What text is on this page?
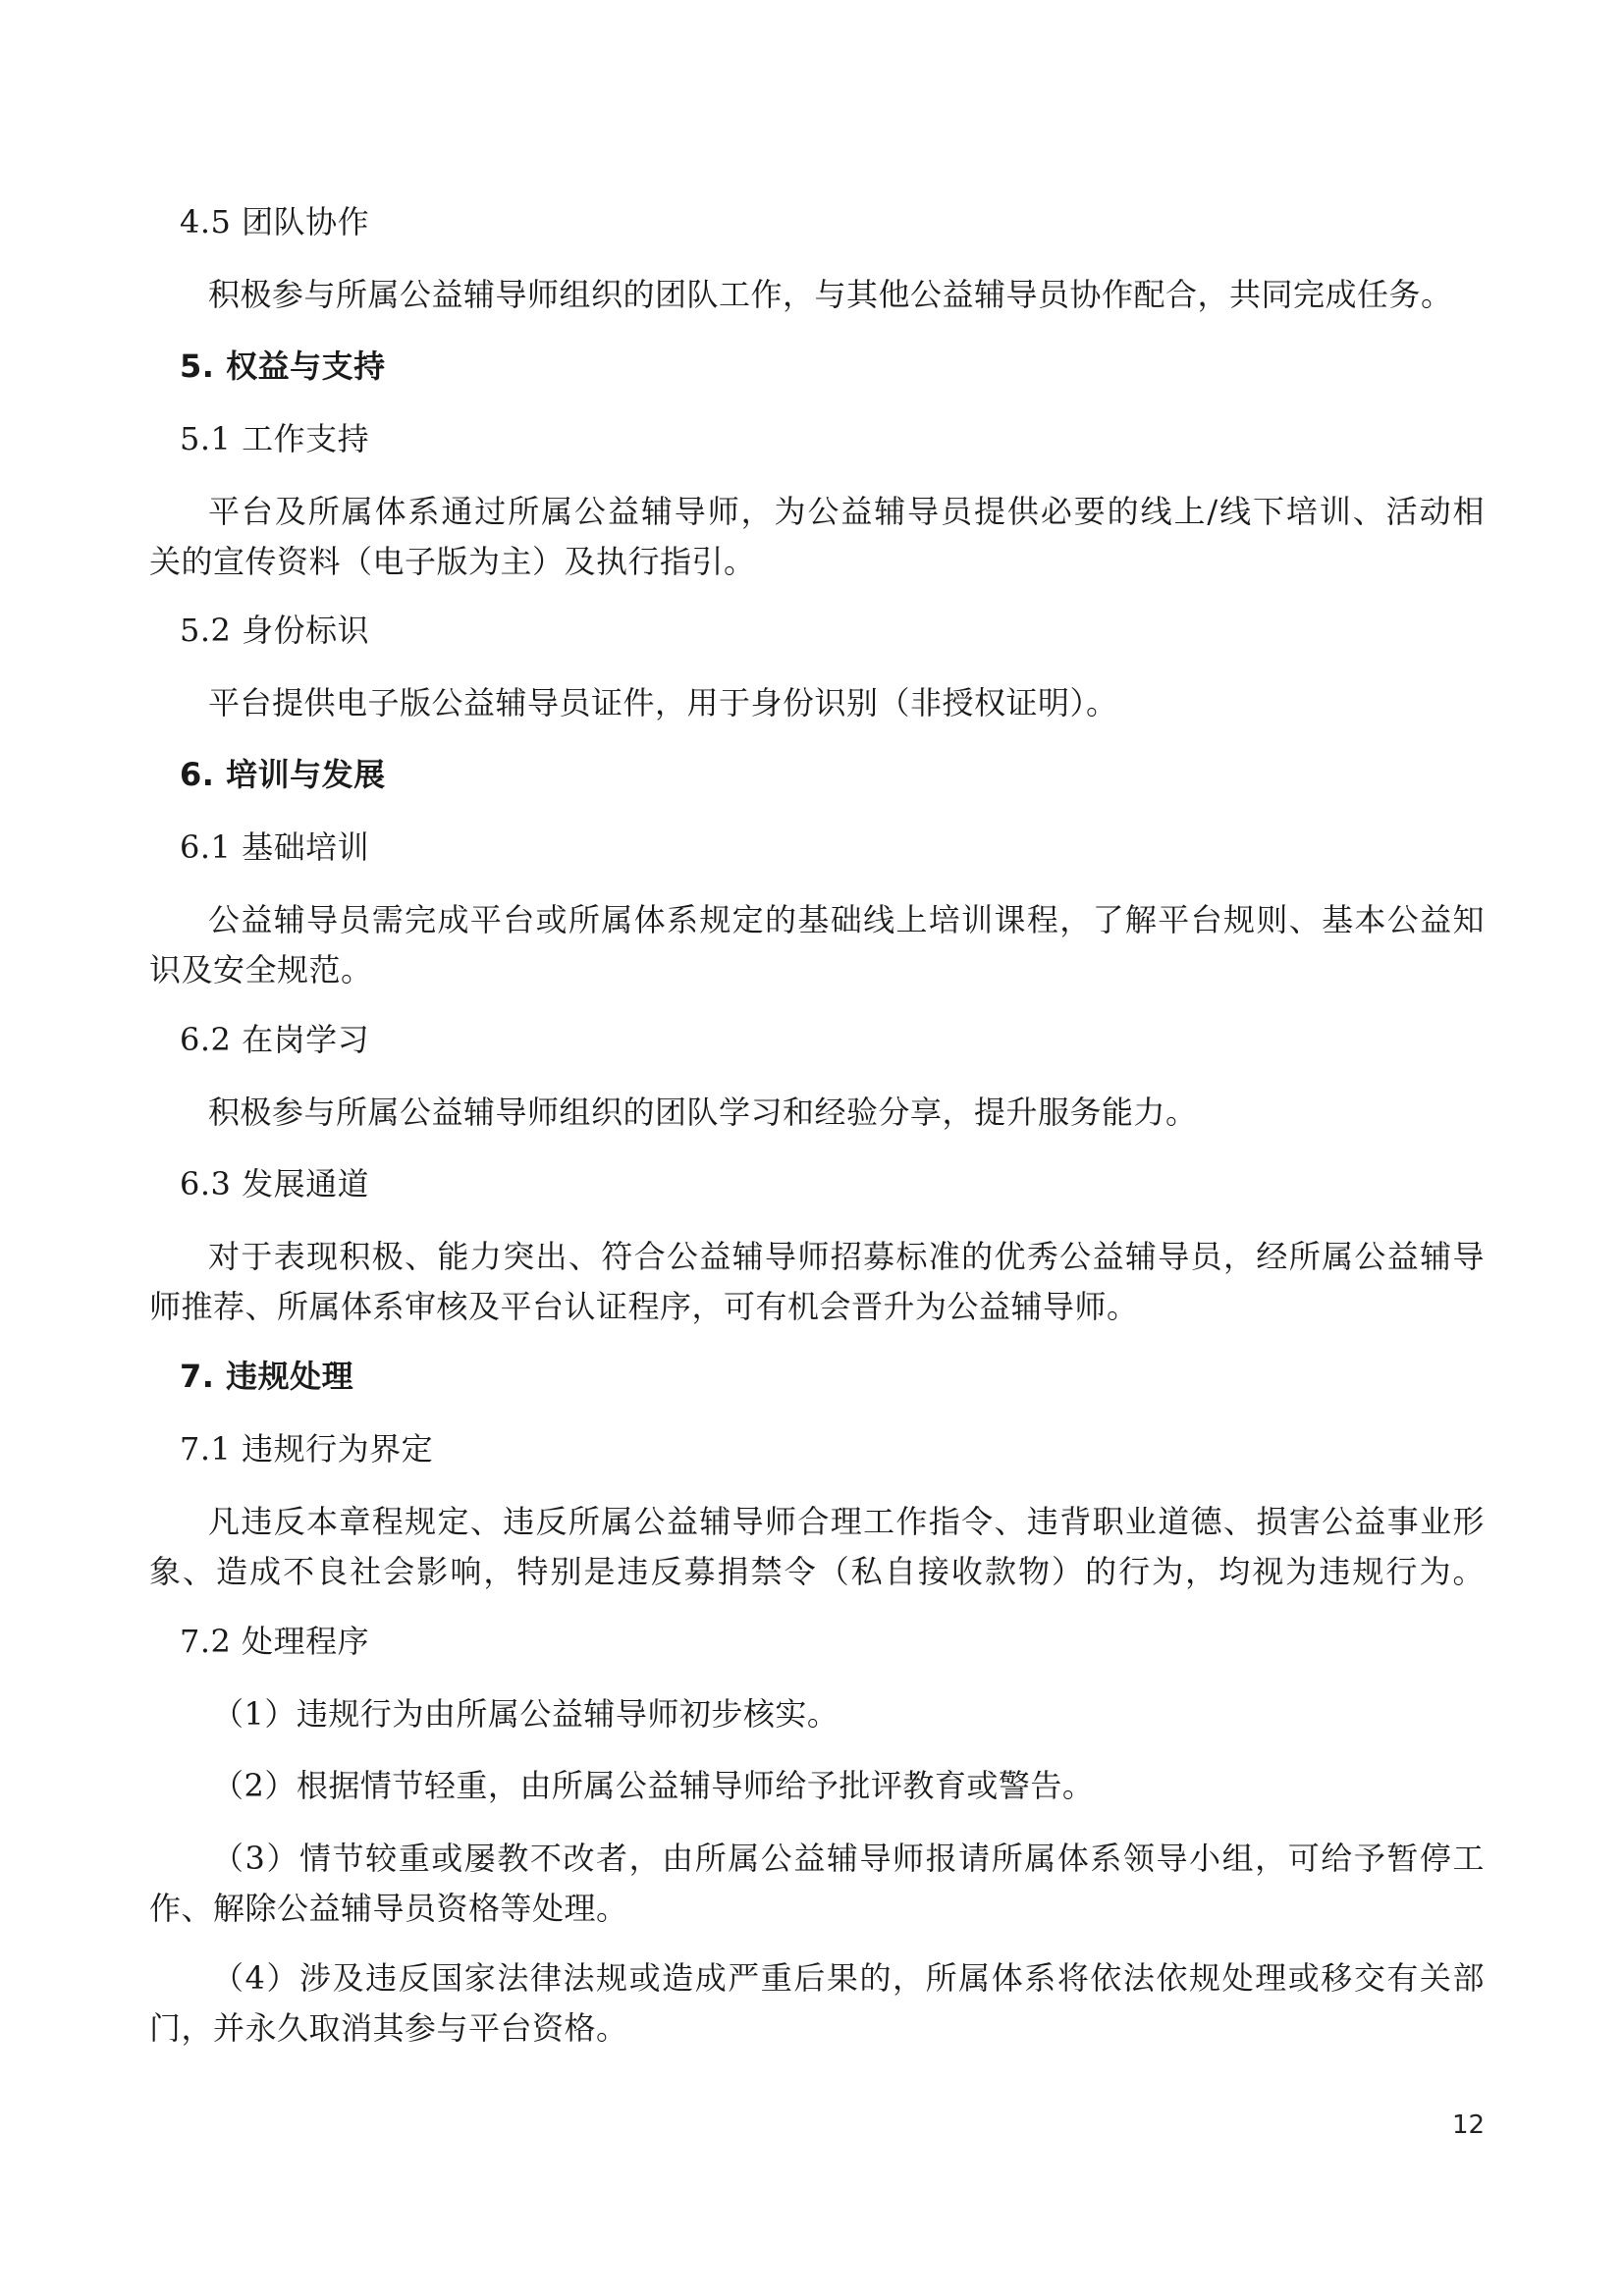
4.5 团队协作
积极参与所属公益辅导师组织的团队工作，与其他公益辅导员协作配合，共同完成任务。
5. 权益与支持
5.1 工作支持
平台及所属体系通过所属公益辅导师，为公益辅导员提供必要的线上/线下培训、活动相
关的宣传资料（电子版为主）及执行指引。
5.2 身份标识
平台提供电子版公益辅导员证件，用于身份识别（非授权证明）。
6. 培训与发展
6.1 基础培训
公益辅导员需完成平台或所属体系规定的基础线上培训课程，了解平台规则、基本公益知
识及安全规范。
6.2 在岗学习
积极参与所属公益辅导师组织的团队学习和经验分享，提升服务能力。
6.3 发展通道
对于表现积极、能力突出、符合公益辅导师招募标准的优秀公益辅导员，经所属公益辅导
师推荐、所属体系审核及平台认证程序，可有机会晋升为公益辅导师。
7. 违规处理
7.1 违规行为界定
凡违反本章程规定、违反所属公益辅导师合理工作指令、违背职业道德、损害公益事业形
象、造成不良社会影响，特别是违反募捐禁令（私自接收款物）的行为，均视为违规行为。
7.2 处理程序
（1）违规行为由所属公益辅导师初步核实。
（2）根据情节轻重，由所属公益辅导师给予批评教育或警告。
（3）情节较重或屡教不改者，由所属公益辅导师报请所属体系领导小组，可给予暂停工
作、解除公益辅导员资格等处理。
（4）涉及违反国家法律法规或造成严重后果的，所属体系将依法依规处理或移交有关部
门，并永久取消其参与平台资格。
12
